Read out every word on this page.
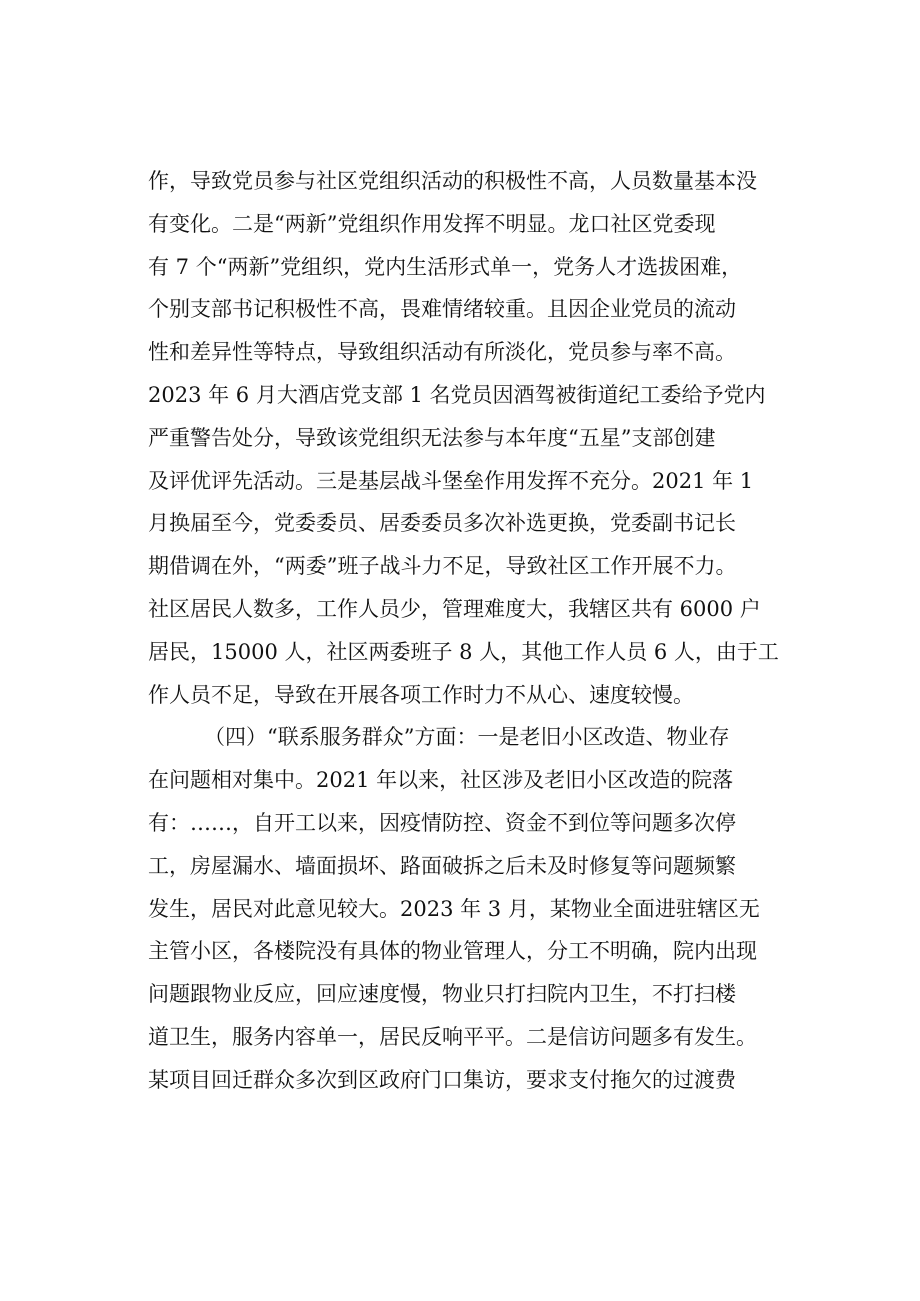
作，导致党员参与社区党组织活动的积极性不高，人员数量基本没
有变化。二是“两新”党组织作用发挥不明显。龙口社区党委现
有 7 个“两新”党组织，党内生活形式单一，党务人才选拔困难，
个别支部书记积极性不高，畏难情绪较重。且因企业党员的流动
性和差异性等特点，导致组织活动有所淡化，党员参与率不高。
2023 年 6 月大酒店党支部 1 名党员因酒驾被街道纪工委给予党内
严重警告处分，导致该党组织无法参与本年度“五星”支部创建
及评优评先活动。三是基层战斗堡垒作用发挥不充分。2021 年 1
月换届至今，党委委员、居委委员多次补选更换，党委副书记长
期借调在外，“两委”班子战斗力不足，导致社区工作开展不力。
社区居民人数多，工作人员少，管理难度大，我辖区共有 6000 户
居民，15000 人，社区两委班子 8 人，其他工作人员 6 人，由于工
作人员不足，导致在开展各项工作时力不从心、速度较慢。
（四）“联系服务群众”方面：一是老旧小区改造、物业存
在问题相对集中。2021 年以来，社区涉及老旧小区改造的院落
有：……，自开工以来，因疫情防控、资金不到位等问题多次停
工，房屋漏水、墙面损坏、路面破拆之后未及时修复等问题频繁
发生，居民对此意见较大。2023 年 3 月，某物业全面进驻辖区无
主管小区，各楼院没有具体的物业管理人，分工不明确，院内出现
问题跟物业反应，回应速度慢，物业只打扫院内卫生，不打扫楼
道卫生，服务内容单一，居民反响平平。二是信访问题多有发生。
某项目回迁群众多次到区政府门口集访，要求支付拖欠的过渡费
